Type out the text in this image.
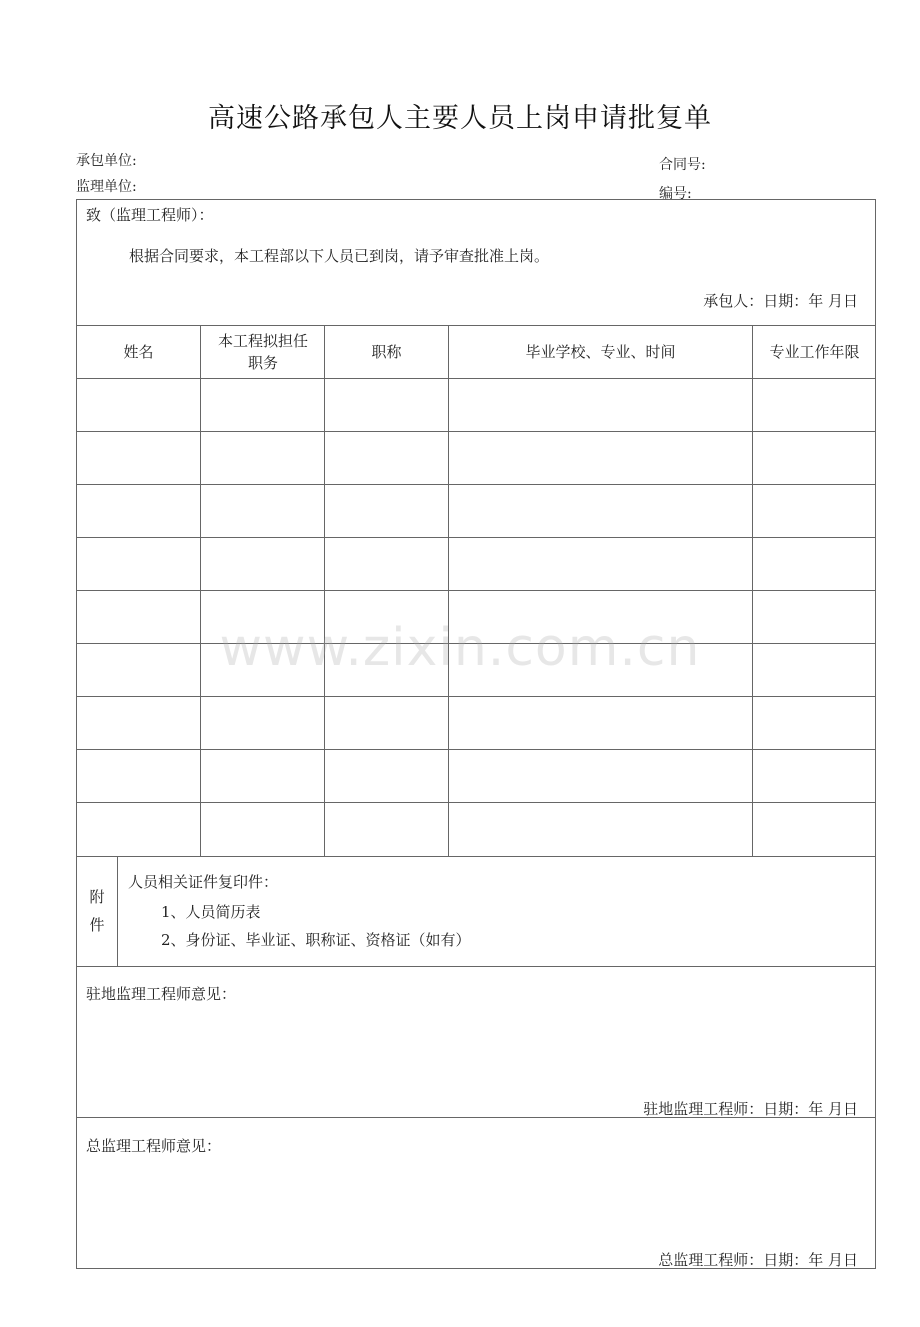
高速公路承包人主要人员上岗申请批复单
承包单位:
监理单位:
合同号:
编号:
致（监理工程师）：
根据合同要求，本工程部以下人员已到岗，请予审查批准上岗。
承包人：日期：年 月日
姓名
本工程拟担任职务
职称	毕业学校、专业、时间	专业工作年限
附件
人员相关证件复印件：
1、人员简历表
2、身份证、毕业证、职称证、资格证（如有）
驻地监理工程师意见：
驻地监理工程师：日期：年 月日
总监理工程师意见：
总监理工程师：日期：年 月日
www.zixin.com.cn
